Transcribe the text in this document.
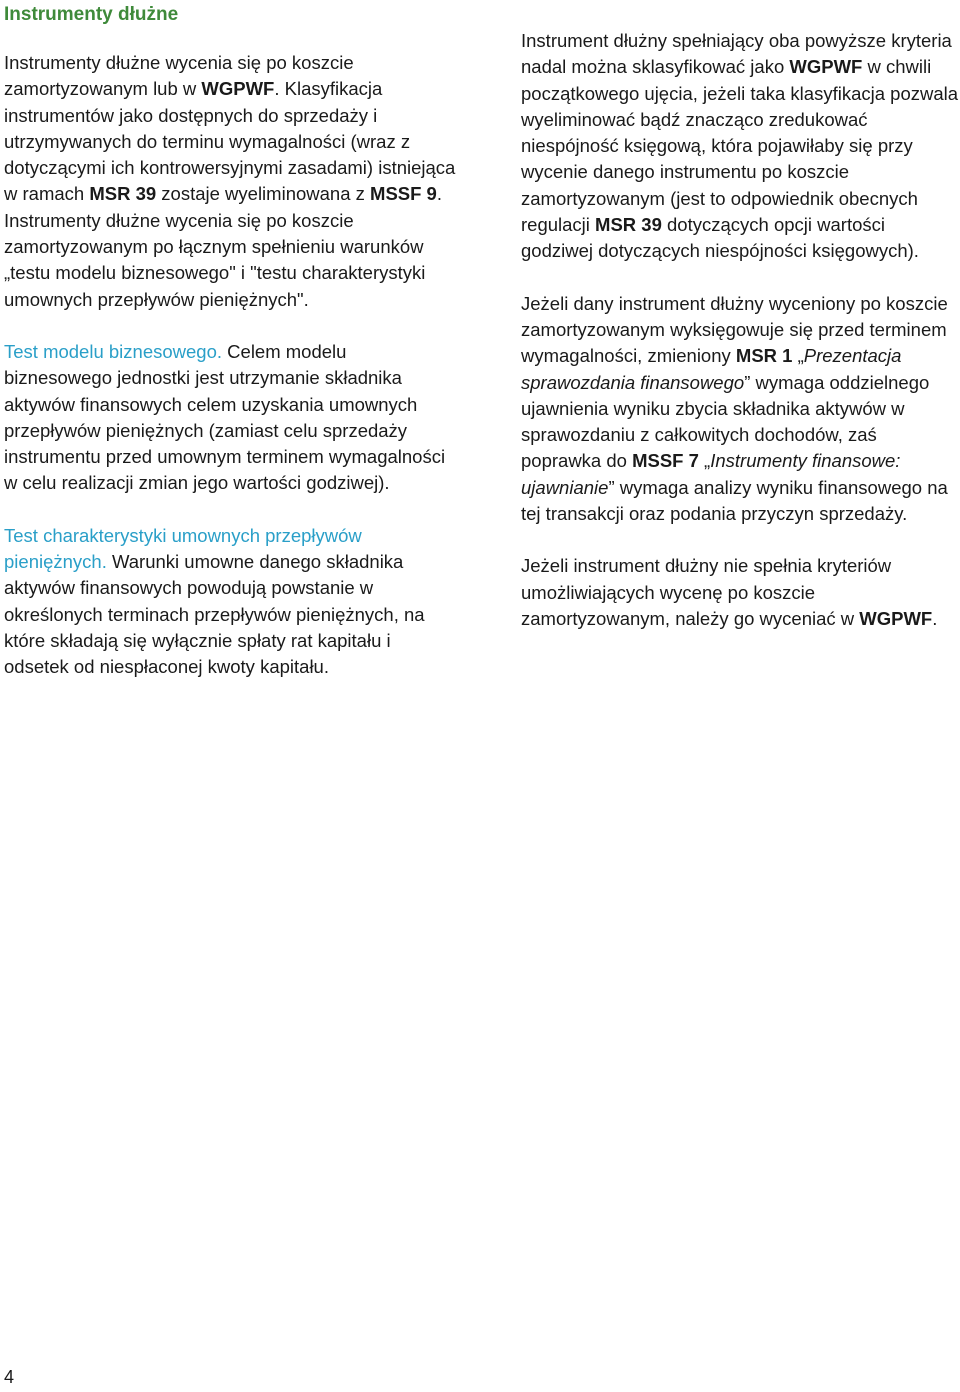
Instrumenty dłużne

Instrumenty dłużne wycenia się po koszcie zamortyzowanym lub w WGPWF. Klasyfikacja instrumentów jako dostępnych do sprzedaży i utrzymywanych do terminu wymagalności (wraz z dotyczącymi ich kontrowersyjnymi zasadami) istniejąca w ramach MSR 39 zostaje wyeliminowana z MSSF 9. Instrumenty dłużne wycenia się po koszcie zamortyzowanym po łącznym spełnieniu warunków „testu modelu biznesowego" i "testu charakterystyki umownych przepływów pieniężnych".

Test modelu biznesowego. Celem modelu biznesowego jednostki jest utrzymanie składnika aktywów finansowych celem uzyskania umownych przepływów pieniężnych (zamiast celu sprzedaży instrumentu przed umownym terminem wymagalności w celu realizacji zmian jego wartości godziwej).

Test charakterystyki umownych przepływów pieniężnych. Warunki umowne danego składnika aktywów finansowych powodują powstanie w określonych terminach przepływów pieniężnych, na które składają się wyłącznie spłaty rat kapitału i odsetek od niespłaconej kwoty kapitału.

Instrument dłużny spełniający oba powyższe kryteria nadal można sklasyfikować jako WGPWF w chwili początkowego ujęcia, jeżeli taka klasyfikacja pozwala wyeliminować bądź znacząco zredukować niespójność księgową, która pojawiłaby się przy wycenie danego instrumentu po koszcie zamortyzowanym (jest to odpowiednik obecnych regulacji MSR 39 dotyczących opcji wartości godziwej dotyczących niespójności księgowych).

Jeżeli dany instrument dłużny wyceniony po koszcie zamortyzowanym wyksięgowuje się przed terminem wymagalności, zmieniony MSR 1 „Prezentacja sprawozdania finansowego” wymaga oddzielnego ujawnienia wyniku zbycia składnika aktywów w sprawozdaniu z całkowitych dochodów, zaś poprawka do MSSF 7 „Instrumenty finansowe: ujawnianie” wymaga analizy wyniku finansowego na tej transakcji oraz podania przyczyn sprzedaży.

Jeżeli instrument dłużny nie spełnia kryteriów umożliwiających wycenę po koszcie zamortyzowanym, należy go wyceniać w WGPWF.

4
